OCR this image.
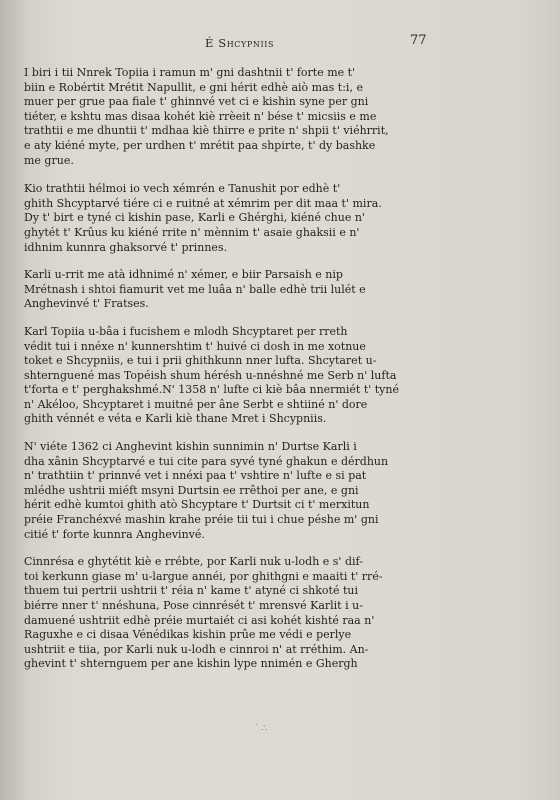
É Shcypniis	77

I biri i tii Nnrek Topiia i ramun m' gni dashtnii t' forte me t'
biin e Robértit Mrétit Napullit, e gni hérit edhè aiò mas t:i, e
muer per grue paa fiale t' ghinnvé vet ci e kishin syne per gni
tiéter, e kshtu mas disaa kohét kiè rrèeit n' bése t' micsiis e me
trathtii e me dhuntii t' mdhaa kiè thirre e prite n' shpii t' viéhrrit,
e aty kiéné myte, per urdhen t' mrétit paa shpirte, t' dy bashke
me grue.

Kio trathtii hélmoi io vech xémrén e Tanushit por edhè t'
ghith Shcyptarvé tiére ci e ruitné at xémrim per dit maa t' mira.
Dy t' birt e tyné ci kishin pase, Karli e Ghérghi, kiéné chue n'
ghytét t' Krûus ku kiéné rrite n' mènnim t' asaie ghaksii e n'
idhnim kunnra ghaksorvé t' prinnes.

Karli u-rrit me atà idhnimé n' xémer, e biir Parsaish e nip
Mrétnash i shtoi fiamurit vet me luâa n' balle edhè trii lulét e
Anghevinvé t' Fratses.

Karl Topiia u-bâa i fucishem e mlodh Shcyptaret per rreth
védit tui i nnéxe n' kunnershtim t' huivé ci dosh in me xotnue
toket e Shcypniis, e tui i prii ghithkunn nner lufta. Shcytaret u-
shternguené mas Topéish shum hérésh u-nnéshné me Serb n' lufta
t'forta e t' perghakshmé.N' 1358 n' lufte ci kiè bâa nnermiét t' tyné
n' Akéloo, Shcyptaret i muitné per âne Serbt e shtiiné n' dore
ghith vénnét e véta e Karli kiè thane Mret i Shcypniis.

N' viéte 1362 ci Anghevint kishin sunnimin n' Durtse Karli i
dha xânin Shcyptarvé e tui cite para syvé tyné ghakun e dérdhun
n' trathtiin t' prinnvé vet i nnéxi paa t' vshtire n' lufte e si pat
mlédhe ushtrii miéft msyni Durtsin ee rrêthoi per ane, e gni
hérit edhè kumtoi ghith atò Shcyptare t' Durtsit ci t' merxitun
préie Franchéxvé mashin krahe préie tii tui i chue péshe m' gni
citié t' forte kunnra Anghevinvé.

Cinnrésa e ghytétit kiè e rrébte, por Karli nuk u-lodh e s' dif-
toi kerkunn giase m' u-largue annéi, por ghithgni e maaiti t' rré-
thuem tui pertrii ushtrii t' réia n' kame t' atyné ci shkoté tui
biérre nner t' nnéshuna, Pose cinnrését t' mrensvé Karlit i u-
damuené ushtriit edhè préie murtaiét ci asi kohét kishté raa n'
Raguxhe e ci disaa Vénédikas kishin prûe me védi e perlye
ushtriit e tiia, por Karli nuk u-lodh e cinnroi n' at rréthim. An-
ghevint t' shternguem per ane kishin lype nnimén e Ghergh

˙ ∴
